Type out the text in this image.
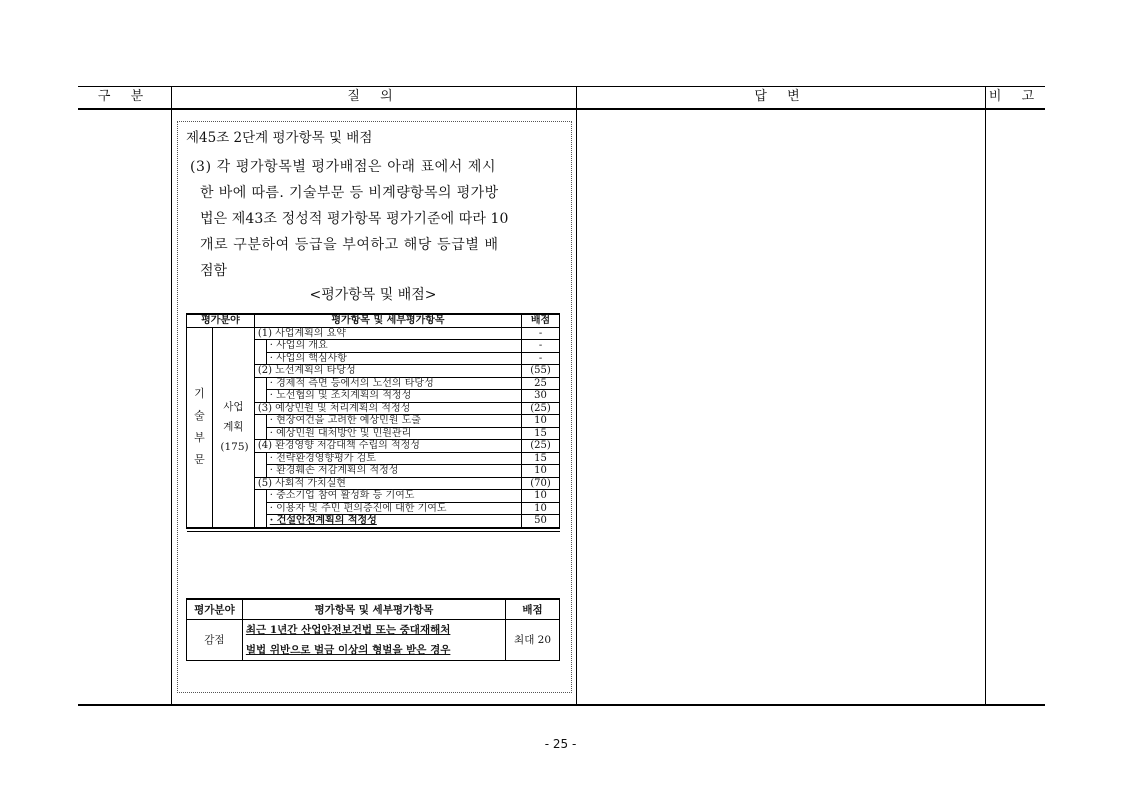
구 분	질 의	답 변	비 고
제45조 2단계 평가항목 및 배점
(3) 각 평가항목별 평가배점은 아래 표에서 제시
한 바에 따름. 기술부문 등 비계량항목의 평가방
법은 제43조 정성적 평가항목 평가기준에 따라 10
개로 구분하여 등급을 부여하고 해당 등급별 배
점함
<평가항목 및 배점>
평가분야		평가항목 및 세부평가항목		배점
기 술 부 문	사업 계획 (175)	(1) 사업계획의 요약		-
			· 사업의 개요	-
			· 사업의 핵심사항	-
		(2) 노선계획의 타당성		(55)
			· 경제적 측면 등에서의 노선의 타당성	25
			· 노선협의 및 조치계획의 적정성	30
		(3) 예상민원 및 처리계획의 적정성		(25)
			· 현장여건을 고려한 예상민원 도출	10
			· 예상민원 대처방안 및 민원관리	15
		(4) 환경영향 저감대책 수립의 적정성		(25)
			· 전략환경영향평가 검토	15
			· 환경훼손 저감계획의 적정성	10
		(5) 사회적 가치실현		(70)
			· 중소기업 참여 활성화 등 기여도	10
			· 이용자 및 주민 편의증진에 대한 기여도	10
			· 건설안전계획의 적정성	50

평가분야	평가항목 및 세부평가항목	배점
감점	최근 1년간 산업안전보건법 또는 중대재해처
벌법 위반으로 벌금 이상의 형벌을 받은 경우	최대 20
- 25 -
